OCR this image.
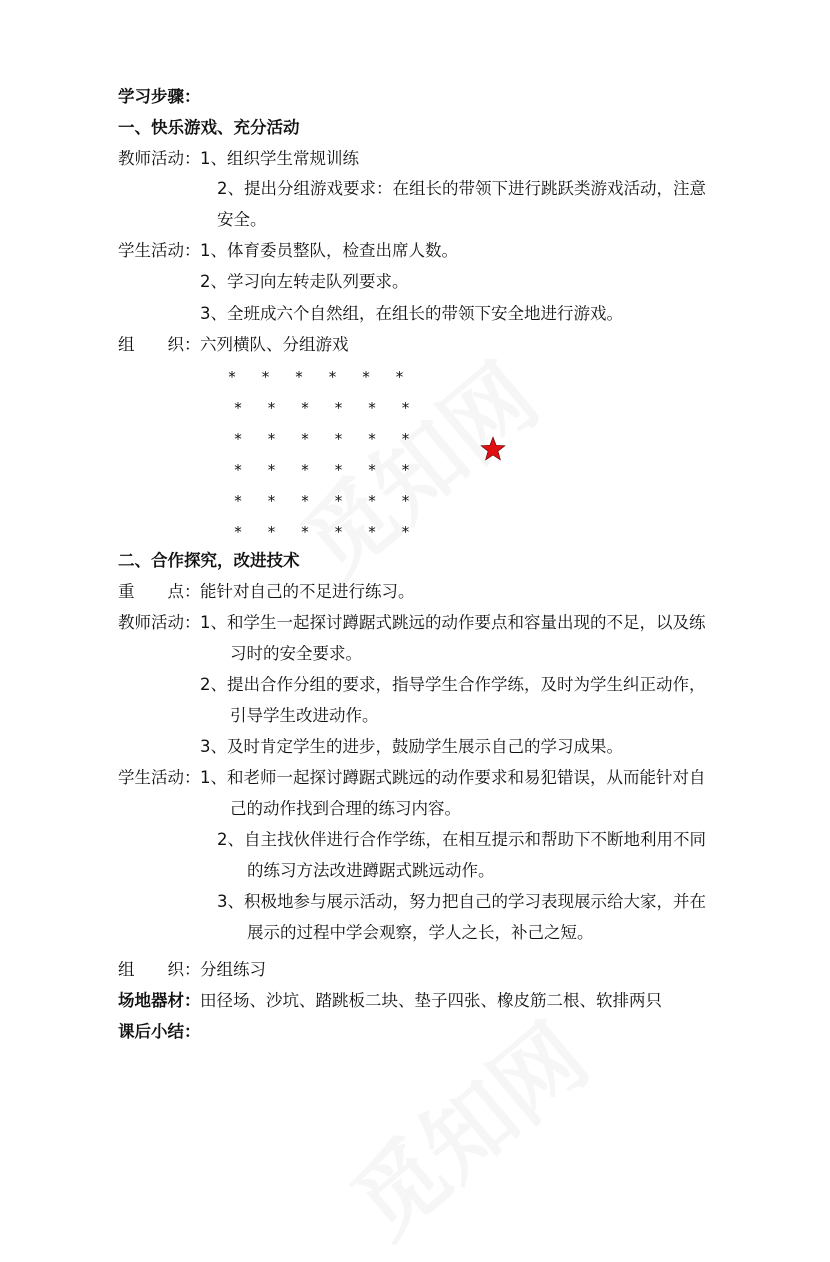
学习步骤：
一、快乐游戏、充分活动
教师活动： 1、组织学生常规训练
2、提出分组游戏要求：在组长的带领下进行跳跃类游戏活动，注意
安全。
学生活动： 1、体育委员整队，检查出席人数。
2、学习向左转走队列要求。
3、全班成六个自然组，在组长的带领下安全地进行游戏。
组　　织： 六列横队、分组游戏
* * * * * *
* * * * * *
* * * * * *
* * * * * *
* * * * * *
* * * * * *
二、合作探究，改进技术
重　　点： 能针对自己的不足进行练习。
教师活动： 1、和学生一起探讨蹲踞式跳远的动作要点和容量出现的不足，以及练
习时的安全要求。
2、提出合作分组的要求，指导学生合作学练，及时为学生纠正动作，
引导学生改进动作。
3、及时肯定学生的进步，鼓励学生展示自己的学习成果。
学生活动： 1、和老师一起探讨蹲踞式跳远的动作要求和易犯错误，从而能针对自
己的动作找到合理的练习内容。
2、自主找伙伴进行合作学练，在相互提示和帮助下不断地利用不同
的练习方法改进蹲踞式跳远动作。
3、积极地参与展示活动，努力把自己的学习表现展示给大家，并在
展示的过程中学会观察，学人之长，补己之短。
组　　织： 分组练习
场地器材： 田径场、沙坑、踏跳板二块、垫子四张、橡皮筋二根、软排两只
课后小结：
